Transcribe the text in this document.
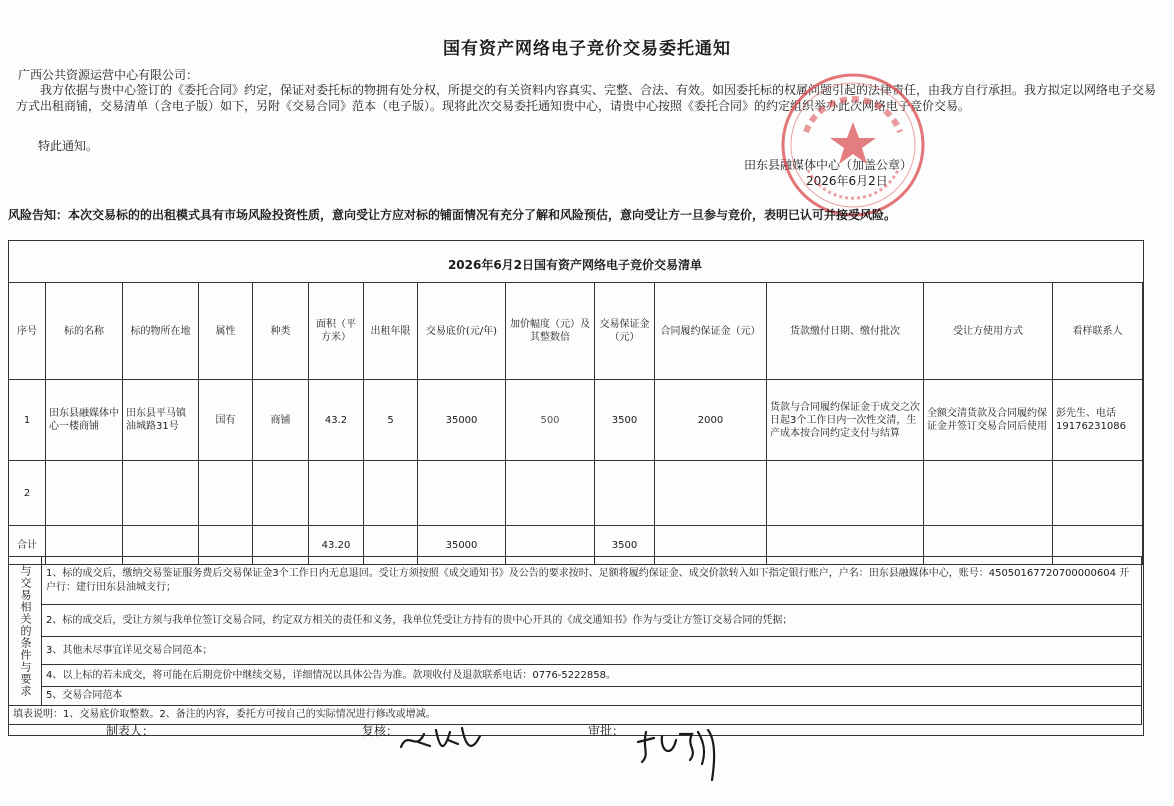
国有资产网络电子竞价交易委托通知
广西公共资源运营中心有限公司：
我方依据与贵中心签订的《委托合同》约定，保证对委托标的物拥有处分权，所提交的有关资料内容真实、完整、合法、有效。如因委托标的权属问题引起的法律责任，由我方自行承担。我方拟定以网络电子交易方式出租商铺，交易清单（含电子版）如下，另附《交易合同》范本（电子版）。现将此次交易委托通知贵中心，请贵中心按照《委托合同》的约定组织举办此次网络电子竞价交易。
特此通知。
田东县融媒体中心（加盖公章）
2026年6月2日
风险告知：本次交易标的的出租模式具有市场风险投资性质，意向受让方应对标的铺面情况有充分了解和风险预估，意向受让方一旦参与竞价，表明已认可并接受风险。
2026年6月2日国有资产网络电子竞价交易清单
序号	标的名称	标的物所在地	属性	种类	面积（平方米）	出租年限	交易底价(元/年)	加价幅度（元）及其整数倍	交易保证金（元）	合同履约保证金（元）	货款缴付日期、缴付批次	受让方使用方式	看样联系人
1	田东县融媒体中心一楼商铺	田东县平马镇油城路31号	国有	商铺	43.2	5	35000	500	3500	2000	货款与合同履约保证金于成交之次日起3个工作日内一次性交清，生产成本按合同约定支付与结算	全额交清货款及合同履约保证金并签订交易合同后使用	彭先生、电话19176231086
2													
合计					43.20		35000		3500				
与交易相关的条件与要求	1、标的成交后，缴纳交易鉴证服务费后交易保证金3个工作日内无息退回。受让方须按照《成交通知书》及公告的要求按时、足额将履约保证金、成交价款转入如下指定银行账户，户名：田东县融媒体中心，账号：45050167720700000604 开户行：建行田东县油城支行；
2、标的成交后，受让方须与我单位签订交易合同，约定双方相关的责任和义务，我单位凭受让方持有的贵中心开具的《成交通知书》作为与受让方签订交易合同的凭据；
3、其他未尽事宜详见交易合同范本；
4、以上标的若未成交，将可能在后期竞价中继续交易，详细情况以具体公告为准。款项收付及退款联系电话：0776-5222858。
5、交易合同范本
填表说明：1、交易底价取整数。2、备注的内容，委托方可按自己的实际情况进行修改或增减。
制表人：	复核：	审批：
